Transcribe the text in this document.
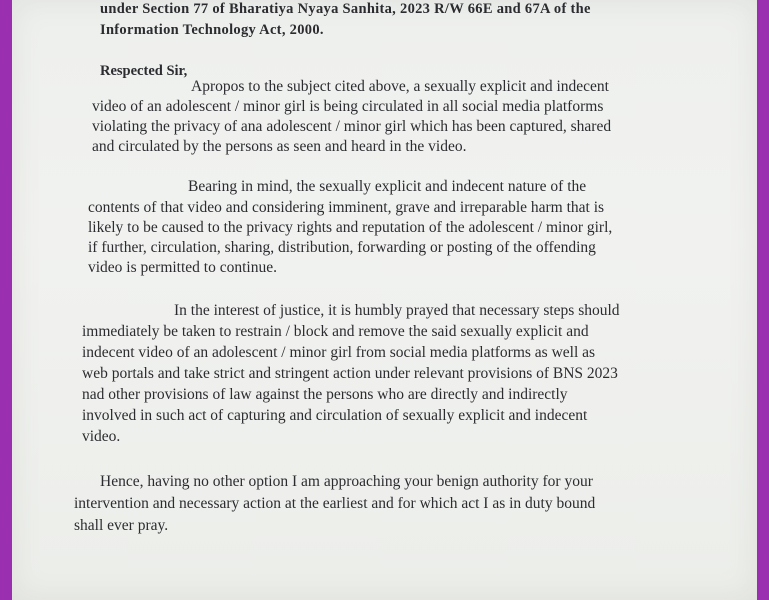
under Section 77 of Bharatiya Nyaya Sanhita, 2023 R/W 66E and 67A of the
Information Technology Act, 2000.
Respected Sir,
Apropos to the subject cited above, a sexually explicit and indecent
video of an adolescent / minor girl is being circulated in all social media platforms
violating the privacy of ana adolescent / minor girl which has been captured, shared
and circulated by the persons as seen and heard in the video.
Bearing in mind, the sexually explicit and indecent nature of the
contents of that video and considering imminent, grave and irreparable harm that is
likely to be caused to the privacy rights and reputation of the adolescent / minor girl,
if further, circulation, sharing, distribution, forwarding or posting of the offending
video is permitted to continue.
In the interest of justice, it is humbly prayed that necessary steps should
immediately be taken to restrain / block and remove the said sexually explicit and
indecent video of an adolescent / minor girl from social media platforms as well as
web portals and take strict and stringent action under relevant provisions of BNS 2023
nad other provisions of law against the persons who are directly and indirectly
involved in such act of capturing and circulation of sexually explicit and indecent
video.
Hence, having no other option I am approaching your benign authority for your
intervention and necessary action at the earliest and for which act I as in duty bound
shall ever pray.
